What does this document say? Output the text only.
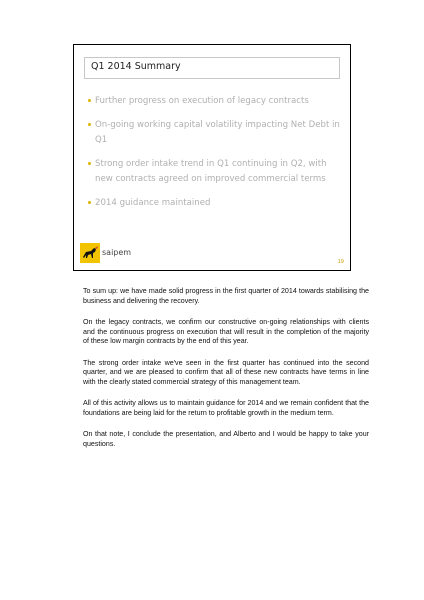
Q1 2014 Summary
Further progress on execution of legacy contracts
On-going working capital volatility impacting Net Debt in Q1
Strong order intake trend in Q1 continuing in Q2, with new contracts agreed on improved commercial terms
2014 guidance maintained
saipem
19

To sum up: we have made solid progress in the first quarter of 2014 towards stabilising the business and delivering the recovery.

On the legacy contracts, we confirm our constructive on-going relationships with clients and the continuous progress on execution that will result in the completion of the majority of these low margin contracts by the end of this year.

The strong order intake we've seen in the first quarter has continued into the second quarter, and we are pleased to confirm that all of these new contracts have terms in line with the clearly stated commercial strategy of this management team.

All of this activity allows us to maintain guidance for 2014 and we remain confident that the foundations are being laid for the return to profitable growth in the medium term.

On that note, I conclude the presentation, and Alberto and I would be happy to take your questions.
